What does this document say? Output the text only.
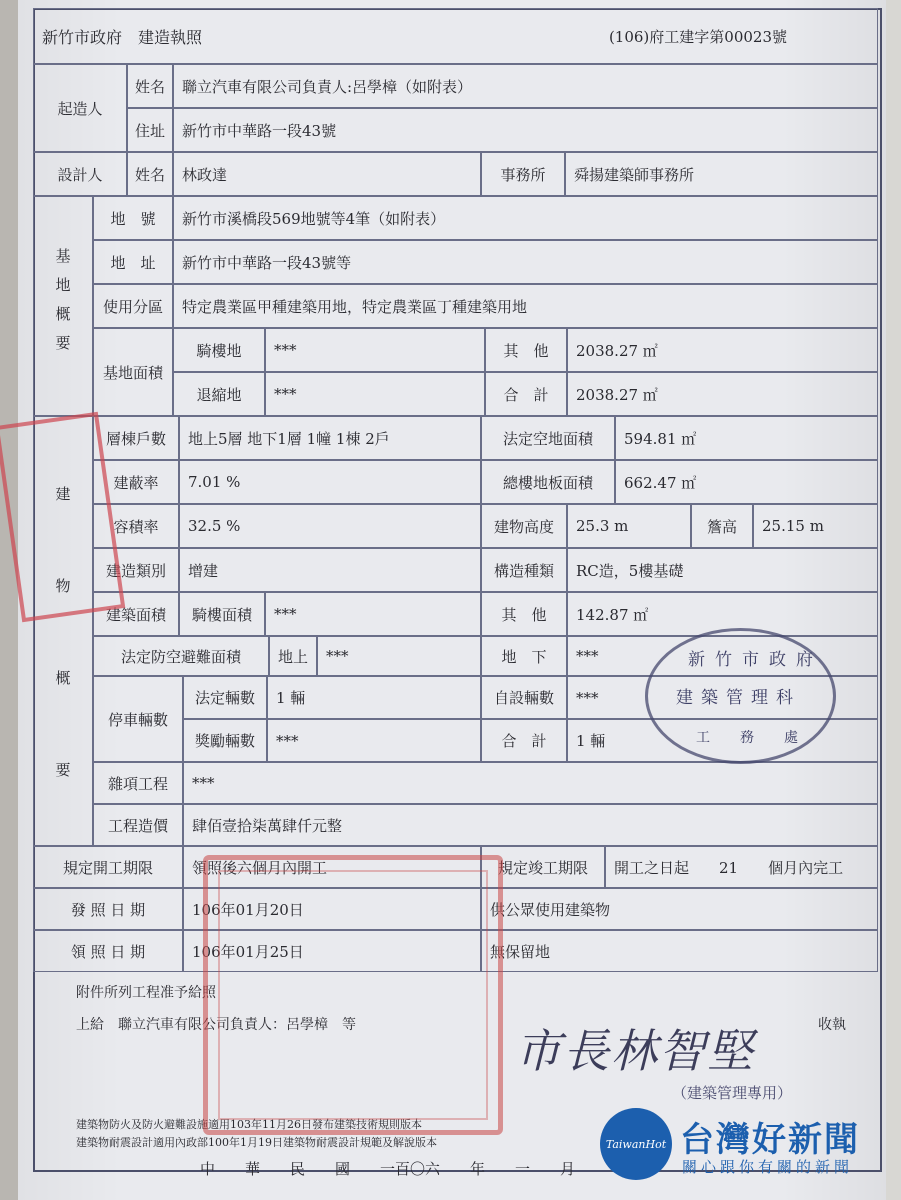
新竹市政府　建造執照	(106)府工建字第00023號
起造人
姓名	聯立汽車有限公司負責人:呂學樟（如附表）
住址	新竹市中華路一段43號
設計人	姓名	林政達	事務所	舜揚建築師事務所
基地概要
地　號	新竹市溪橋段569地號等4筆（如附表）
地　址	新竹市中華路一段43號等
使用分區	特定農業區甲種建築用地，特定農業區丁種建築用地
基地面積
騎樓地	***	其　他	2038.27 ㎡
退縮地	***	合　計	2038.27 ㎡
建
物
概
要
層棟戶數	地上5層 地下1層 1幢 1棟 2戶	法定空地面積	594.81 ㎡
建蔽率	7.01 %	總樓地板面積	662.47 ㎡
容積率	32.5 %	建物高度	25.3 m	簷高	25.15 m
建造類別	增建	構造種類	RC造，5樓基礎
建築面積	騎樓面積	***	其　他	142.87 ㎡
法定防空避難面積	地上	***	地　下	***
停車輛數
法定輛數	1 輛	自設輛數	***
獎勵輛數	***	合　計	1 輛
雜項工程	***
工程造價	肆佰壹拾柒萬肆仟元整
規定開工期限	領照後六個月內開工	規定竣工期限	開工之日起　　21　　個月內完工
發 照 日 期	106年01月20日	供公眾使用建築物
領 照 日 期	106年01月25日	無保留地
附件所列工程准予給照
上給　聯立汽車有限公司負責人：呂學樟　等	收執
市長林智堅
（建築管理專用）
建築物防火及防火避難設施適用103年11月26日發布建築技術規則版本
建築物耐震設計適用內政部100年1月19日建築物耐震設計規範及解說版本
中　　華　　民　　國　　一百〇六　　年　　一　　月
新竹市政府
建築管理科
工務處
TaiwanHot 台灣好新聞
關心跟你有關的新聞
